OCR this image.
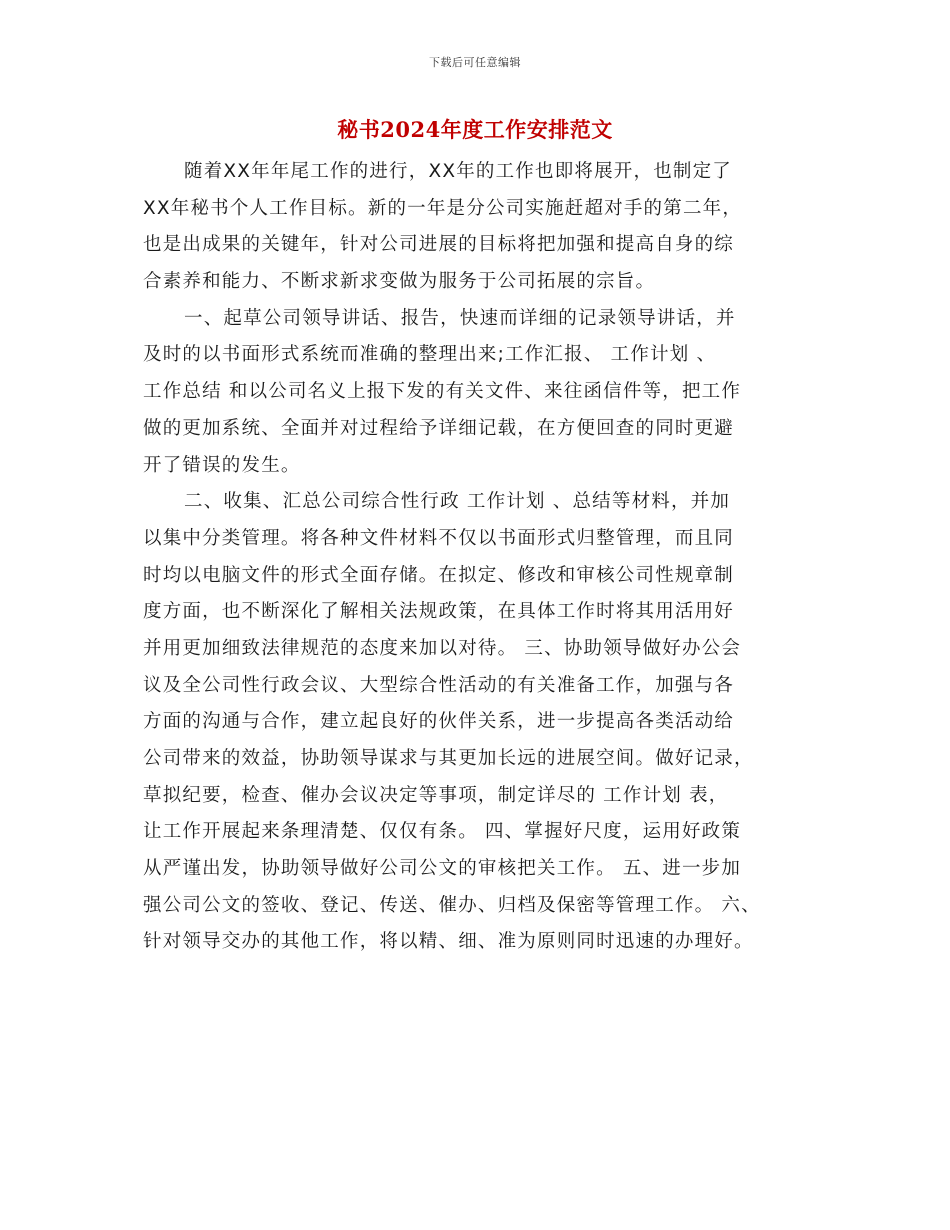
下载后可任意编辑
秘书2024年度工作安排范文
随着XX年年尾工作的进行，XX年的工作也即将展开，也制定了
XX年秘书个人工作目标。新的一年是分公司实施赶超对手的第二年，
也是出成果的关键年，针对公司进展的目标将把加强和提高自身的综
合素养和能力、不断求新求变做为服务于公司拓展的宗旨。
一、起草公司领导讲话、报告，快速而详细的记录领导讲话，并
及时的以书面形式系统而准确的整理出来;工作汇报、 工作计划 、
工作总结 和以公司名义上报下发的有关文件、来往函信件等，把工作
做的更加系统、全面并对过程给予详细记载，在方便回查的同时更避
开了错误的发生。
二、收集、汇总公司综合性行政 工作计划 、总结等材料，并加
以集中分类管理。将各种文件材料不仅以书面形式归整管理，而且同
时均以电脑文件的形式全面存储。在拟定、修改和审核公司性规章制
度方面，也不断深化了解相关法规政策，在具体工作时将其用活用好
并用更加细致法律规范的态度来加以对待。 三、协助领导做好办公会
议及全公司性行政会议、大型综合性活动的有关准备工作，加强与各
方面的沟通与合作，建立起良好的伙伴关系，进一步提高各类活动给
公司带来的效益，协助领导谋求与其更加长远的进展空间。做好记录，
草拟纪要，检查、催办会议决定等事项，制定详尽的 工作计划 表，
让工作开展起来条理清楚、仅仅有条。 四、掌握好尺度，运用好政策
从严谨出发，协助领导做好公司公文的审核把关工作。 五、进一步加
强公司公文的签收、登记、传送、催办、归档及保密等管理工作。 六、
针对领导交办的其他工作，将以精、细、准为原则同时迅速的办理好。
